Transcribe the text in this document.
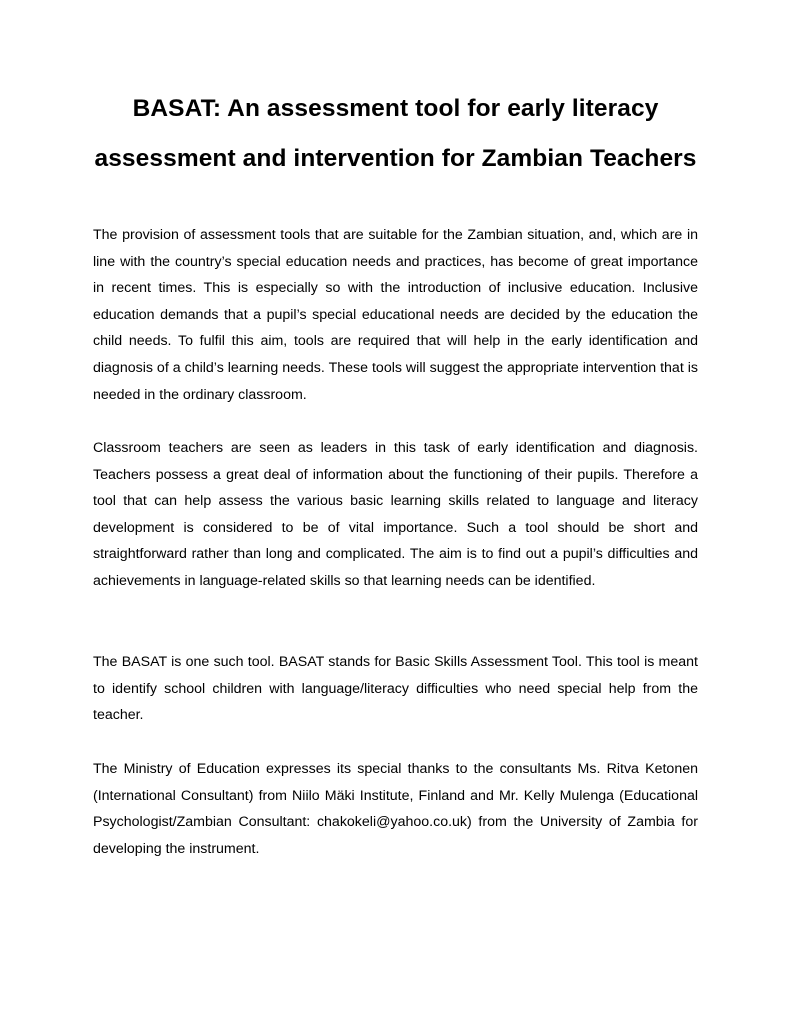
BASAT: An assessment tool for early literacy assessment and intervention for Zambian Teachers

The provision of assessment tools that are suitable for the Zambian situation, and, which are in line with the country’s special education needs and practices, has become of great importance in recent times. This is especially so with the introduction of inclusive education. Inclusive education demands that a pupil’s special educational needs are decided by the education the child needs. To fulfil this aim, tools are required that will help in the early identification and diagnosis of a child’s learning needs. These tools will suggest the appropriate intervention that is needed in the ordinary classroom.

Classroom teachers are seen as leaders in this task of early identification and diagnosis. Teachers possess a great deal of information about the functioning of their pupils. Therefore a tool that can help assess the various basic learning skills related to language and literacy development is considered to be of vital importance. Such a tool should be short and straightforward rather than long and complicated. The aim is to find out a pupil’s difficulties and achievements in language-related skills so that learning needs can be identified.

The BASAT is one such tool. BASAT stands for Basic Skills Assessment Tool. This tool is meant to identify school children with language/literacy difficulties who need special help from the teacher.

The Ministry of Education expresses its special thanks to the consultants Ms. Ritva Ketonen (International Consultant) from Niilo Mäki Institute, Finland and Mr. Kelly Mulenga (Educational Psychologist/Zambian Consultant: chakokeli@yahoo.co.uk) from the University of Zambia for developing the instrument.
